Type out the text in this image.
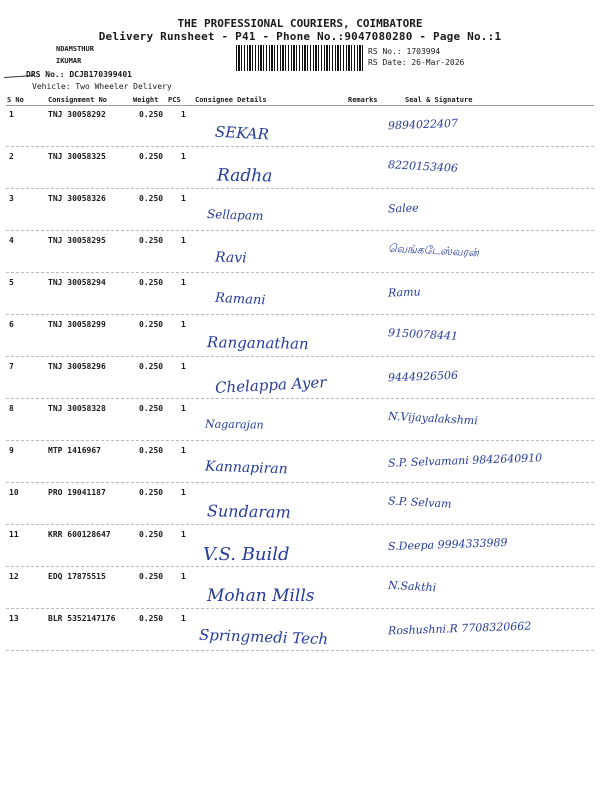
THE PROFESSIONAL COURIERS, COIMBATORE
Delivery Runsheet - P41 - Phone No.:9047080280 - Page No.:1
NDAMSTHUR
IKUMAR
RS No.: 1703994
RS Date: 26-Mar-2026
DRS No.: DCJB170399401
Vehicle: Two Wheeler Delivery
S No	Consignment No	Weight PCS Consignee Details	Remarks	Seal & Signature
1	TNJ 30058292	0.250 1
SEKAR	9894022407
2	TNJ 30058325	0.250 1
Radha	8220153406
3	TNJ 30058326	0.250 1
Sellapam	Salee
4	TNJ 30058295	0.250 1
Ravi	வெங்கடேஸ்வரன்
5	TNJ 30058294	0.250 1
Ramani	Ramu
6	TNJ 30058299	0.250 1
Ranganathan	9150078441
7	TNJ 30058296	0.250 1
Chelappa Ayer	9444926506
8	TNJ 30058328	0.250 1
Nagarajan	N.Vijayalakshmi
9	MTP 1416967	0.250 1
Kannapiran	S.P. Selvamani 9842640910
10	PRO 19041187	0.250 1
Sundaram	S.P. Selvam
11	KRR 600128647	0.250 1
V.S. Build	S.Deepa 9994333989
12	EDQ 17875515	0.250 1
Mohan Mills	N.Sakthi
13	BLR 5352147176	0.250 1
Springmedi Tech	Roshushni.R 7708320662
